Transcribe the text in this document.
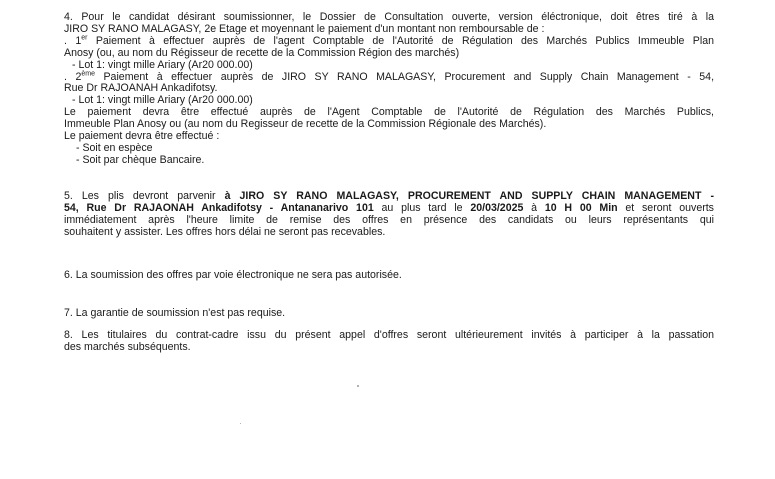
4. Pour le candidat désirant soumissionner, le Dossier de Consultation ouverte, version éléctronique, doit êtres tiré à la
JIRO SY RANO MALAGASY, 2e Etage et moyennant le paiement d'un montant non remboursable de :
. 1er Paiement à effectuer auprès de l'agent Comptable de l'Autorité de Régulation des Marchés Publics Immeuble Plan
Anosy (ou, au nom du Régisseur de recette de la Commission Région des marchés)
- Lot 1: vingt mille Ariary (Ar20 000.00)
. 2ème Paiement à effectuer auprès de JIRO SY RANO MALAGASY, Procurement and Supply Chain Management - 54,
Rue Dr RAJOANAH Ankadifotsy.
- Lot 1: vingt mille Ariary (Ar20 000.00)
Le paiement devra être effectué auprès de l'Agent Comptable de l'Autorité de Régulation des Marchés Publics,
Immeuble Plan Anosy ou (au nom du Regisseur de recette de la Commission Régionale des Marchés).
Le paiement devra être effectué :
- Soit en espèce
- Soit par chèque Bancaire.
5. Les plis devront parvenir à JIRO SY RANO MALAGASY, PROCUREMENT AND SUPPLY CHAIN MANAGEMENT -
54, Rue Dr RAJAONAH Ankadifotsy - Antananarivo 101 au plus tard le 20/03/2025 à 10 H 00 Min et seront ouverts
immédiatement après l'heure limite de remise des offres en présence des candidats ou leurs représentants qui
souhaitent y assister. Les offres hors délai ne seront pas recevables.
6. La soumission des offres par voie électronique ne sera pas autorisée.
7. La garantie de soumission n'est pas requise.
8. Les titulaires du contrat-cadre issu du présent appel d'offres seront ultérieurement invités à participer à la passation
des marchés subséquents.
